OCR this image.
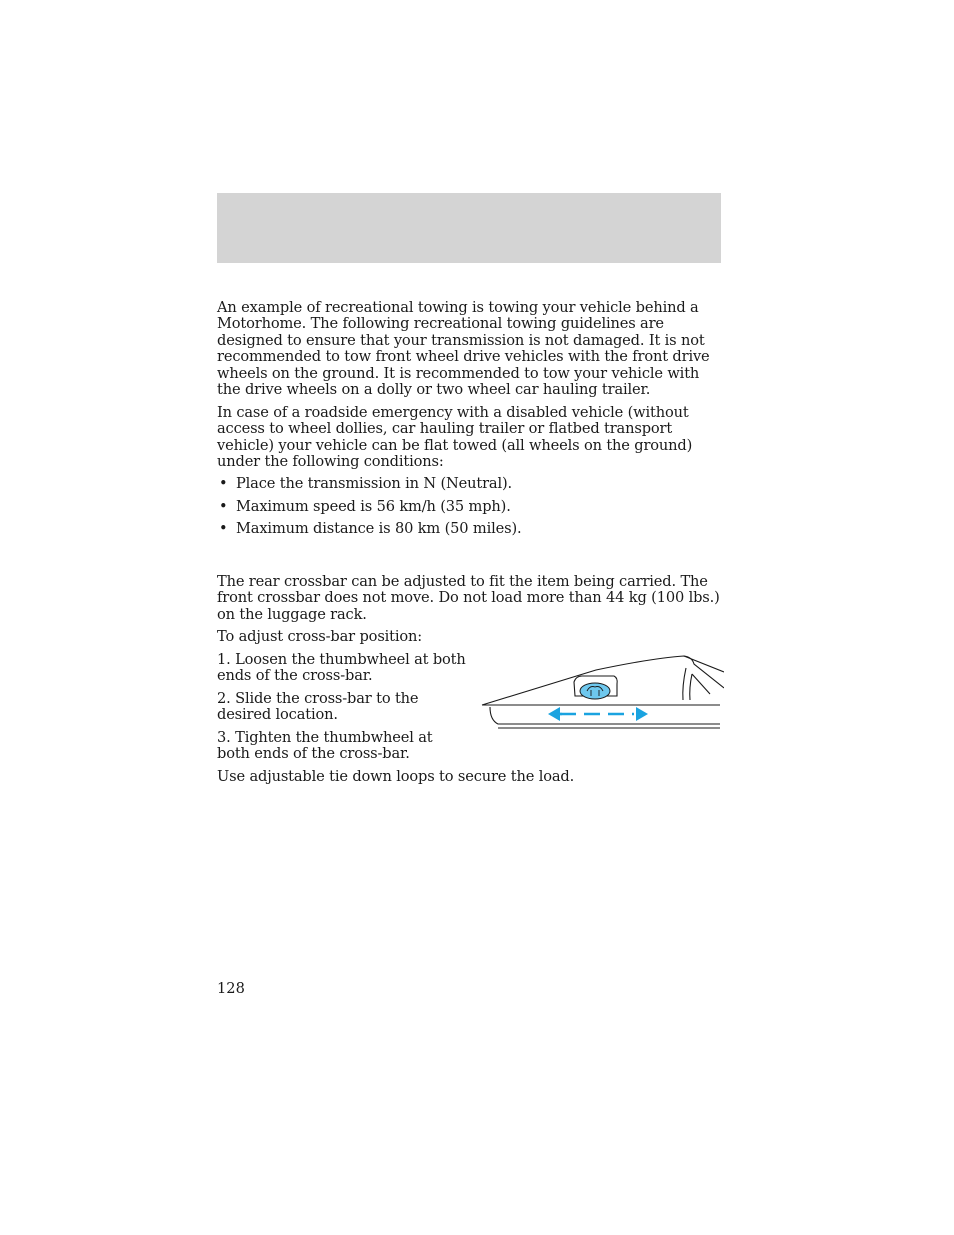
An example of recreational towing is towing your vehicle behind a Motorhome. The following recreational towing guidelines are designed to ensure that your transmission is not damaged. It is not recommended to tow front wheel drive vehicles with the front drive wheels on the ground. It is recommended to tow your vehicle with the drive wheels on a dolly or two wheel car hauling trailer.

In case of a roadside emergency with a disabled vehicle (without access to wheel dollies, car hauling trailer or flatbed transport vehicle) your vehicle can be flat towed (all wheels on the ground) under the following conditions:

• Place the transmission in N (Neutral).
• Maximum speed is 56 km/h (35 mph).
• Maximum distance is 80 km (50 miles).

The rear crossbar can be adjusted to fit the item being carried. The front crossbar does not move. Do not load more than 44 kg (100 lbs.) on the luggage rack.

To adjust cross-bar position:

1. Loosen the thumbwheel at both ends of the cross-bar.

2. Slide the cross-bar to the desired location.

3. Tighten the thumbwheel at both ends of the cross-bar.

Use adjustable tie down loops to secure the load.

128
